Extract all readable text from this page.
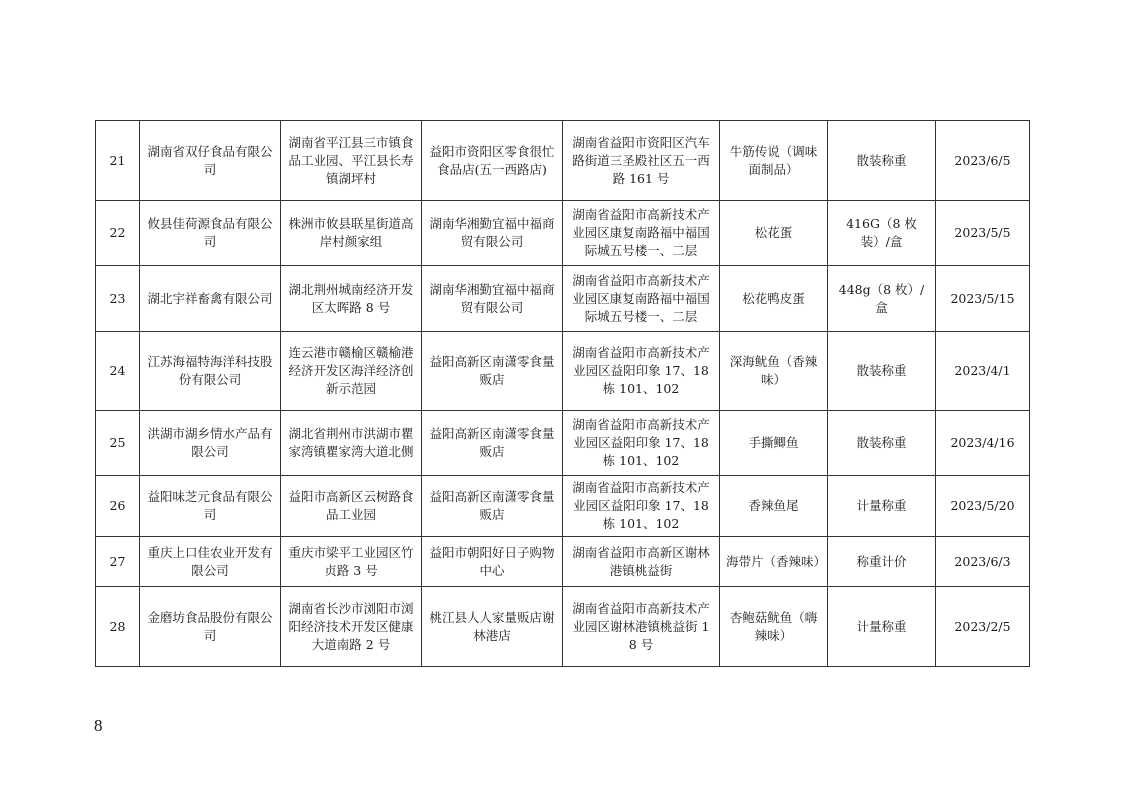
21	湖南省双仔食品有限公司	湖南省平江县三市镇食品工业园、平江县长寿镇湖坪村	益阳市资阳区零食很忙食品店(五一西路店)	湖南省益阳市资阳区汽车路街道三圣殿社区五一西路 161 号	牛筋传说（调味面制品）	散装称重	2023/6/5
22	攸县佳荷源食品有限公司	株洲市攸县联星街道高岸村颜家组	湖南华湘勤宜福中福商贸有限公司	湖南省益阳市高新技术产业园区康复南路福中福国际城五号楼一、二层	松花蛋	416G（8 枚装）/盒	2023/5/5
23	湖北宇祥畜禽有限公司	湖北荆州城南经济开发区太晖路 8 号	湖南华湘勤宜福中福商贸有限公司	湖南省益阳市高新技术产业园区康复南路福中福国际城五号楼一、二层	松花鸭皮蛋	448g（8 枚）/盒	2023/5/15
24	江苏海福特海洋科技股份有限公司	连云港市赣榆区赣榆港经济开发区海洋经济创新示范园	益阳高新区南潇零食量贩店	湖南省益阳市高新技术产业园区益阳印象 17、18 栋 101、102	深海鱿鱼（香辣味）	散装称重	2023/4/1
25	洪湖市湖乡情水产品有限公司	湖北省荆州市洪湖市瞿家湾镇瞿家湾大道北侧	益阳高新区南潇零食量贩店	湖南省益阳市高新技术产业园区益阳印象 17、18 栋 101、102	手撕鲫鱼	散装称重	2023/4/16
26	益阳味芝元食品有限公司	益阳市高新区云树路食品工业园	益阳高新区南潇零食量贩店	湖南省益阳市高新技术产业园区益阳印象 17、18 栋 101、102	香辣鱼尾	计量称重	2023/5/20
27	重庆上口佳农业开发有限公司	重庆市梁平工业园区竹贞路 3 号	益阳市朝阳好日子购物中心	湖南省益阳市高新区谢林港镇桃益街	海带片（香辣味）	称重计价	2023/6/3
28	金磨坊食品股份有限公司	湖南省长沙市浏阳市浏阳经济技术开发区健康大道南路 2 号	桃江县人人家量贩店谢林港店	湖南省益阳市高新技术产业园区谢林港镇桃益街 18 号	杏鲍菇鱿鱼（嗨辣味）	计量称重	2023/2/5
8
